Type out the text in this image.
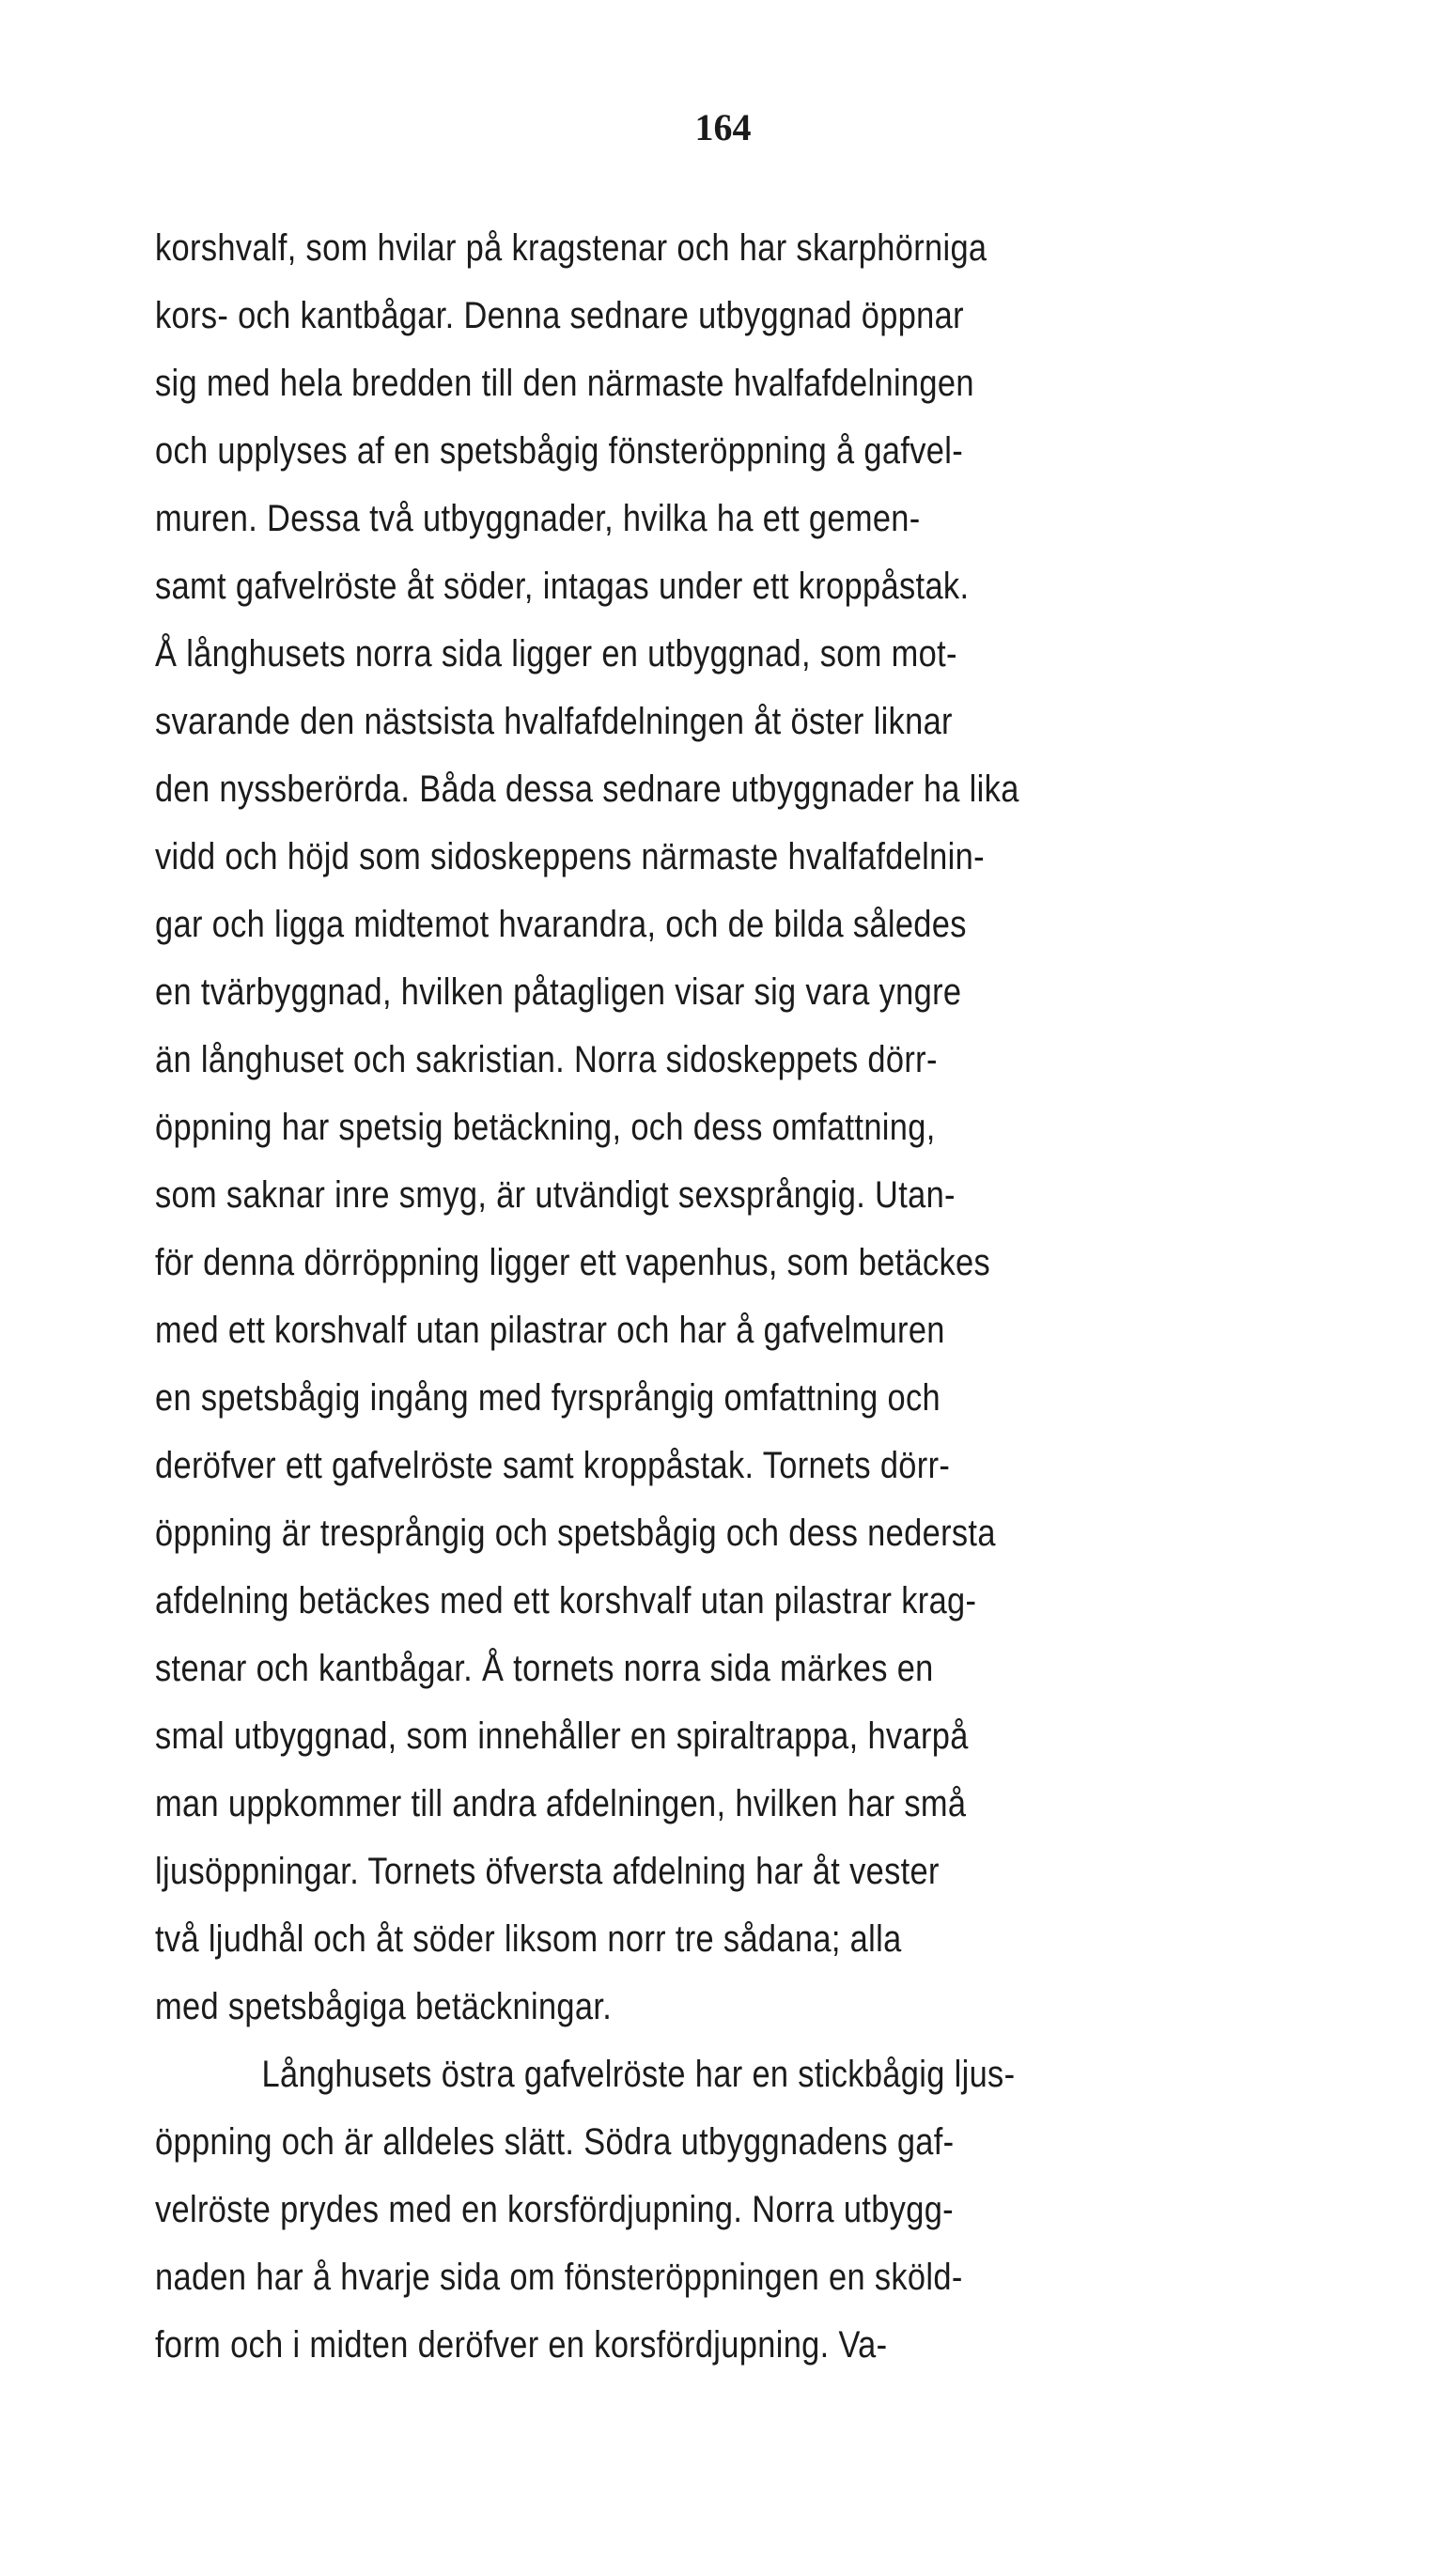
164
korshvalf, som hvilar på kragstenar och har skarphörniga
kors- och kantbågar. Denna sednare utbyggnad öppnar
sig med hela bredden till den närmaste hvalfafdelningen
och upplyses af en spetsbågig fönsteröppning å gafvel-
muren. Dessa två utbyggnader, hvilka ha ett gemen-
samt gafvelröste åt söder, intagas under ett kroppåstak.
Å långhusets norra sida ligger en utbyggnad, som mot-
svarande den nästsista hvalfafdelningen åt öster liknar
den nyssberörda. Båda dessa sednare utbyggnader ha lika
vidd och höjd som sidoskeppens närmaste hvalfafdelnin-
gar och ligga midtemot hvarandra, och de bilda således
en tvärbyggnad, hvilken påtagligen visar sig vara yngre
än långhuset och sakristian. Norra sidoskeppets dörr-
öppning har spetsig betäckning, och dess omfattning,
som saknar inre smyg, är utvändigt sexsprångig. Utan-
för denna dörröppning ligger ett vapenhus, som betäckes
med ett korshvalf utan pilastrar och har å gafvelmuren
en spetsbågig ingång med fyrsprångig omfattning och
deröfver ett gafvelröste samt kroppåstak. Tornets dörr-
öppning är tresprångig och spetsbågig och dess nedersta
afdelning betäckes med ett korshvalf utan pilastrar krag-
stenar och kantbågar. Å tornets norra sida märkes en
smal utbyggnad, som innehåller en spiraltrappa, hvarpå
man uppkommer till andra afdelningen, hvilken har små
ljusöppningar. Tornets öfversta afdelning har åt vester
två ljudhål och åt söder liksom norr tre sådana; alla
med spetsbågiga betäckningar.
Långhusets östra gafvelröste har en stickbågig ljus-
öppning och är alldeles slätt. Södra utbyggnadens gaf-
velröste prydes med en korsfördjupning. Norra utbygg-
naden har å hvarje sida om fönsteröppningen en sköld-
form och i midten deröfver en korsfördjupning. Va-
